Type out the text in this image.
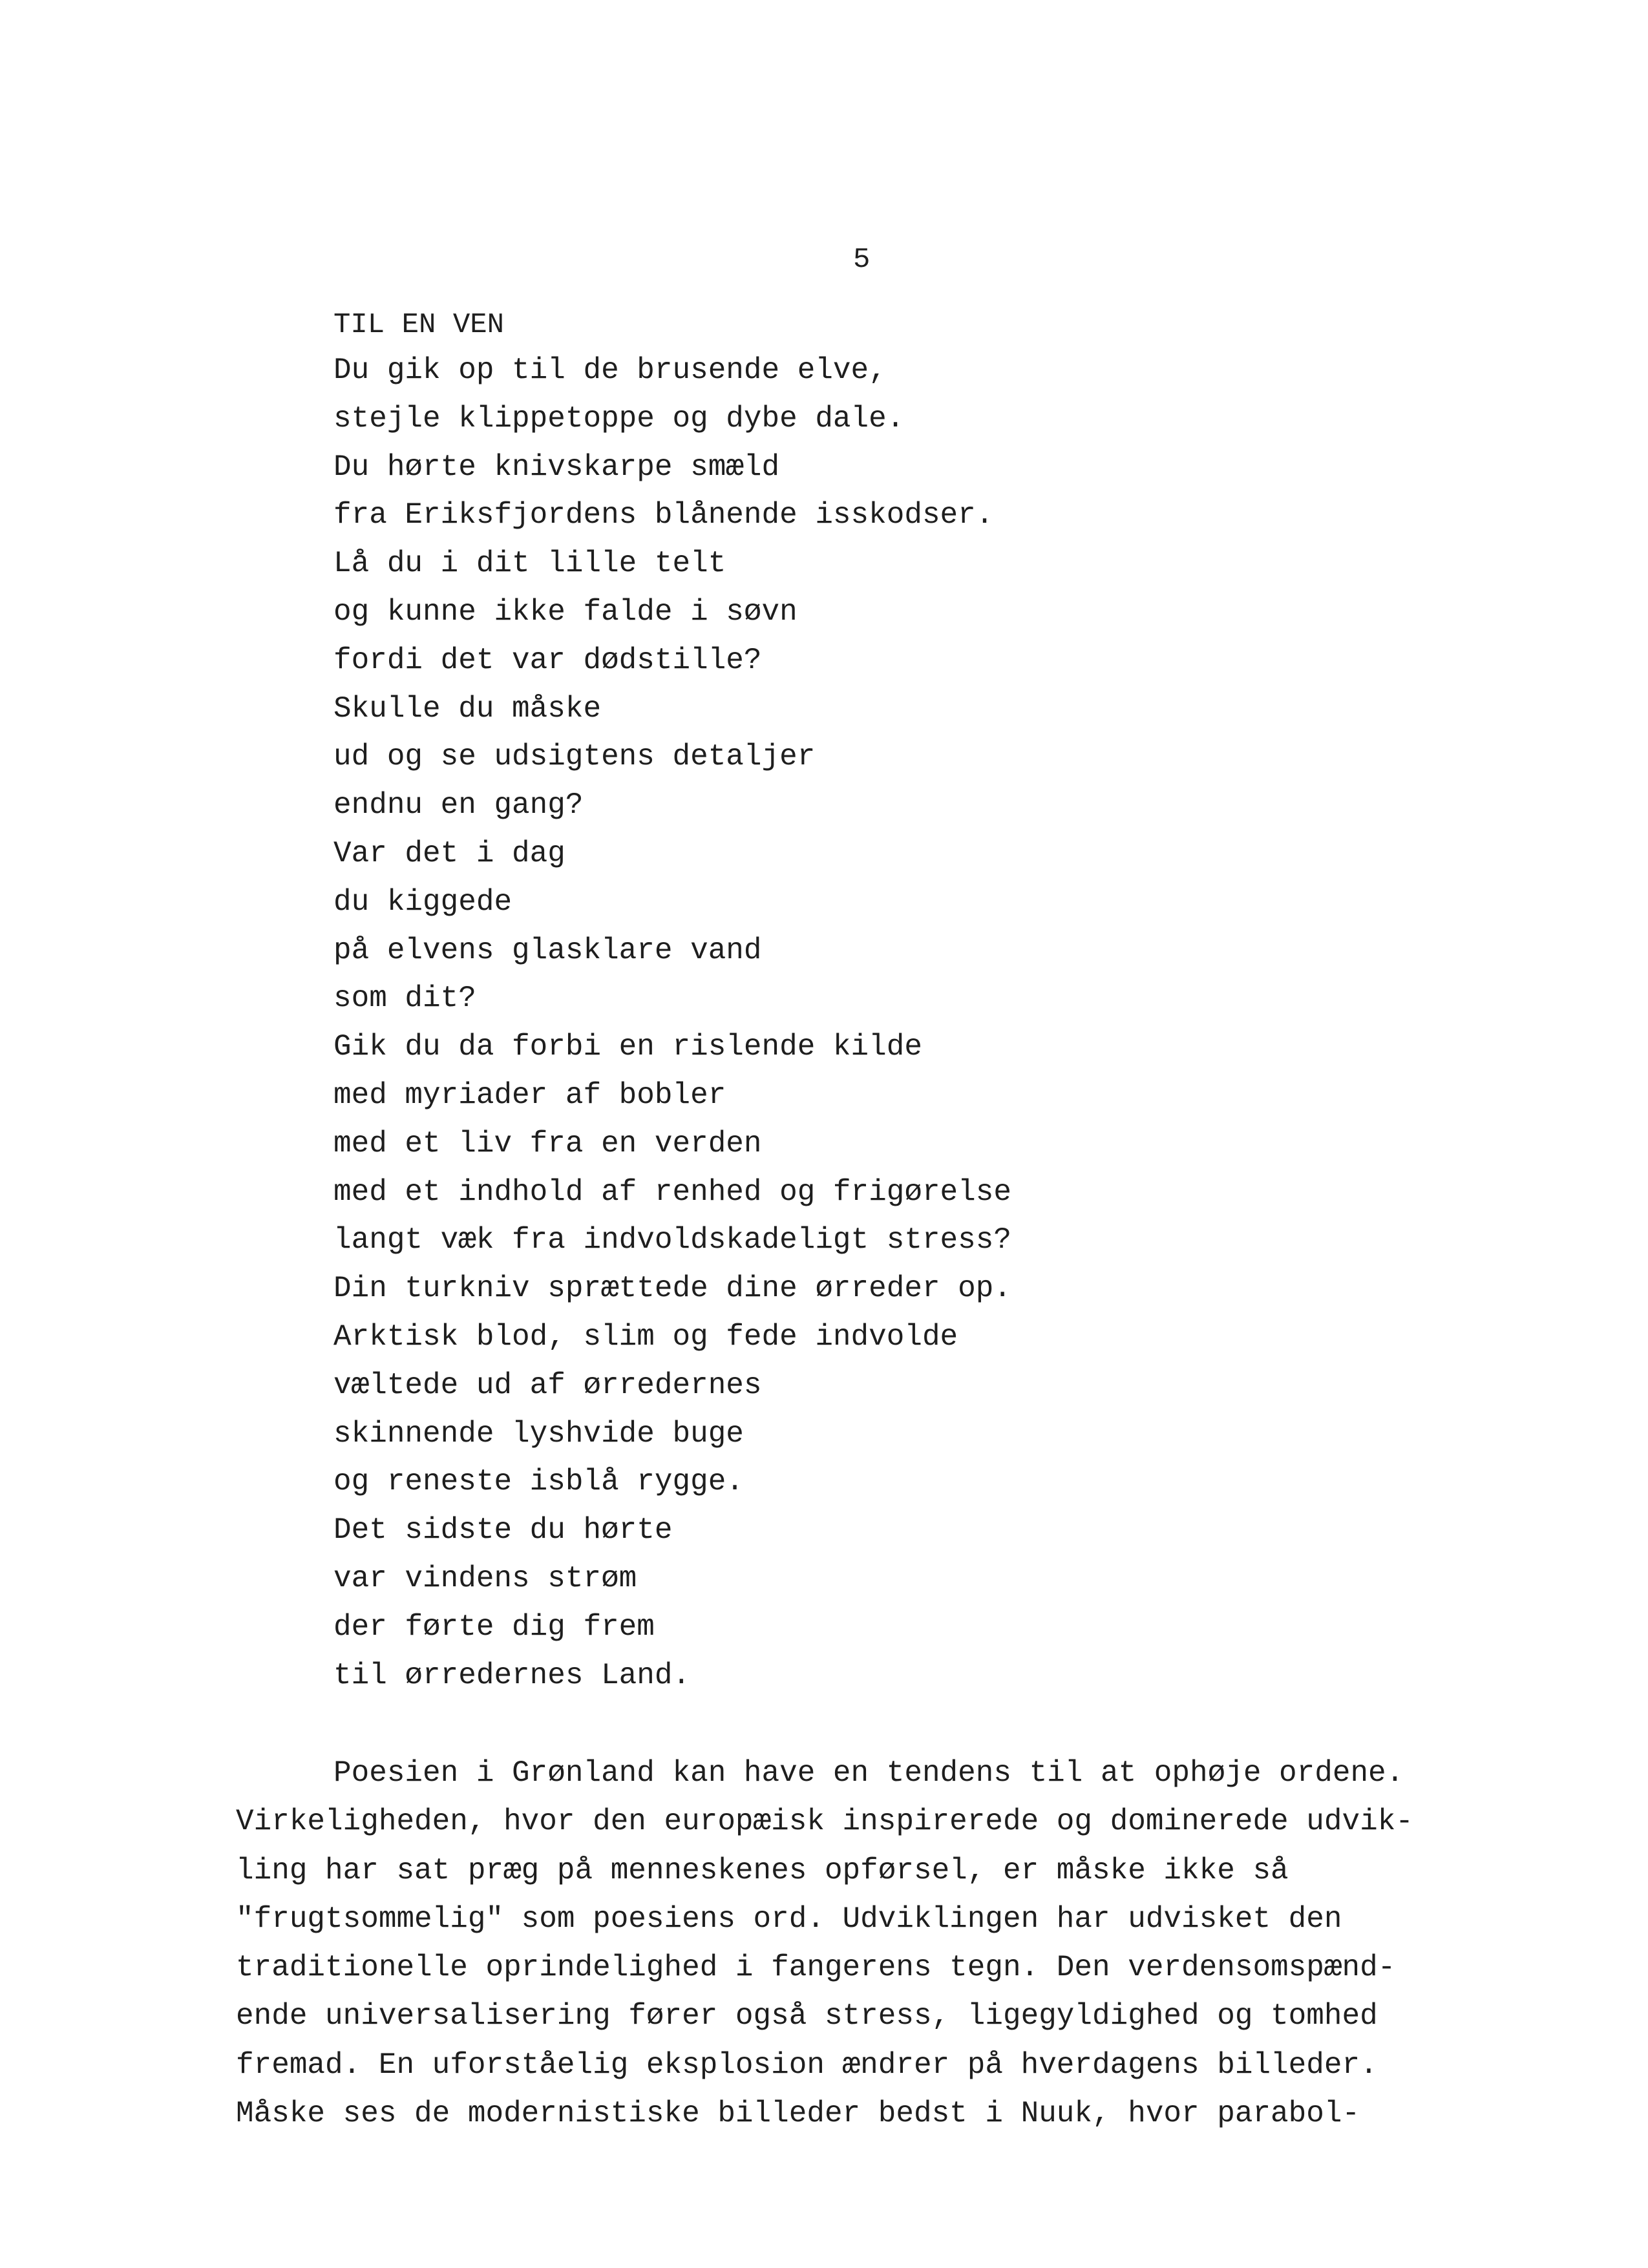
5
TIL EN VEN
Du gik op til de brusende elve,
stejle klippetoppe og dybe dale.
Du hørte knivskarpe smæld
fra Eriksfjordens blånende isskodser.
Lå du i dit lille telt
og kunne ikke falde i søvn
fordi det var dødstille?
Skulle du måske
ud og se udsigtens detaljer
endnu en gang?
Var det i dag
du kiggede
på elvens glasklare vand
som dit?
Gik du da forbi en rislende kilde
med myriader af bobler
med et liv fra en verden
med et indhold af renhed og frigørelse
langt væk fra indvoldskadeligt stress?
Din turkniv sprættede dine ørreder op.
Arktisk blod, slim og fede indvolde
væltede ud af ørredernes
skinnende lyshvide buge
og reneste isblå rygge.
Det sidste du hørte
var vindens strøm
der førte dig frem
til ørredernes Land.
Poesien i Grønland kan have en tendens til at ophøje ordene.
Virkeligheden, hvor den europæisk inspirerede og dominerede udvik-
ling har sat præg på menneskenes opførsel, er måske ikke så
"frugtsommelig" som poesiens ord. Udviklingen har udvisket den
traditionelle oprindelighed i fangerens tegn. Den verdensomspænd-
ende universalisering fører også stress, ligegyldighed og tomhed
fremad. En uforståelig eksplosion ændrer på hverdagens billeder.
Måske ses de modernistiske billeder bedst i Nuuk, hvor parabol-
